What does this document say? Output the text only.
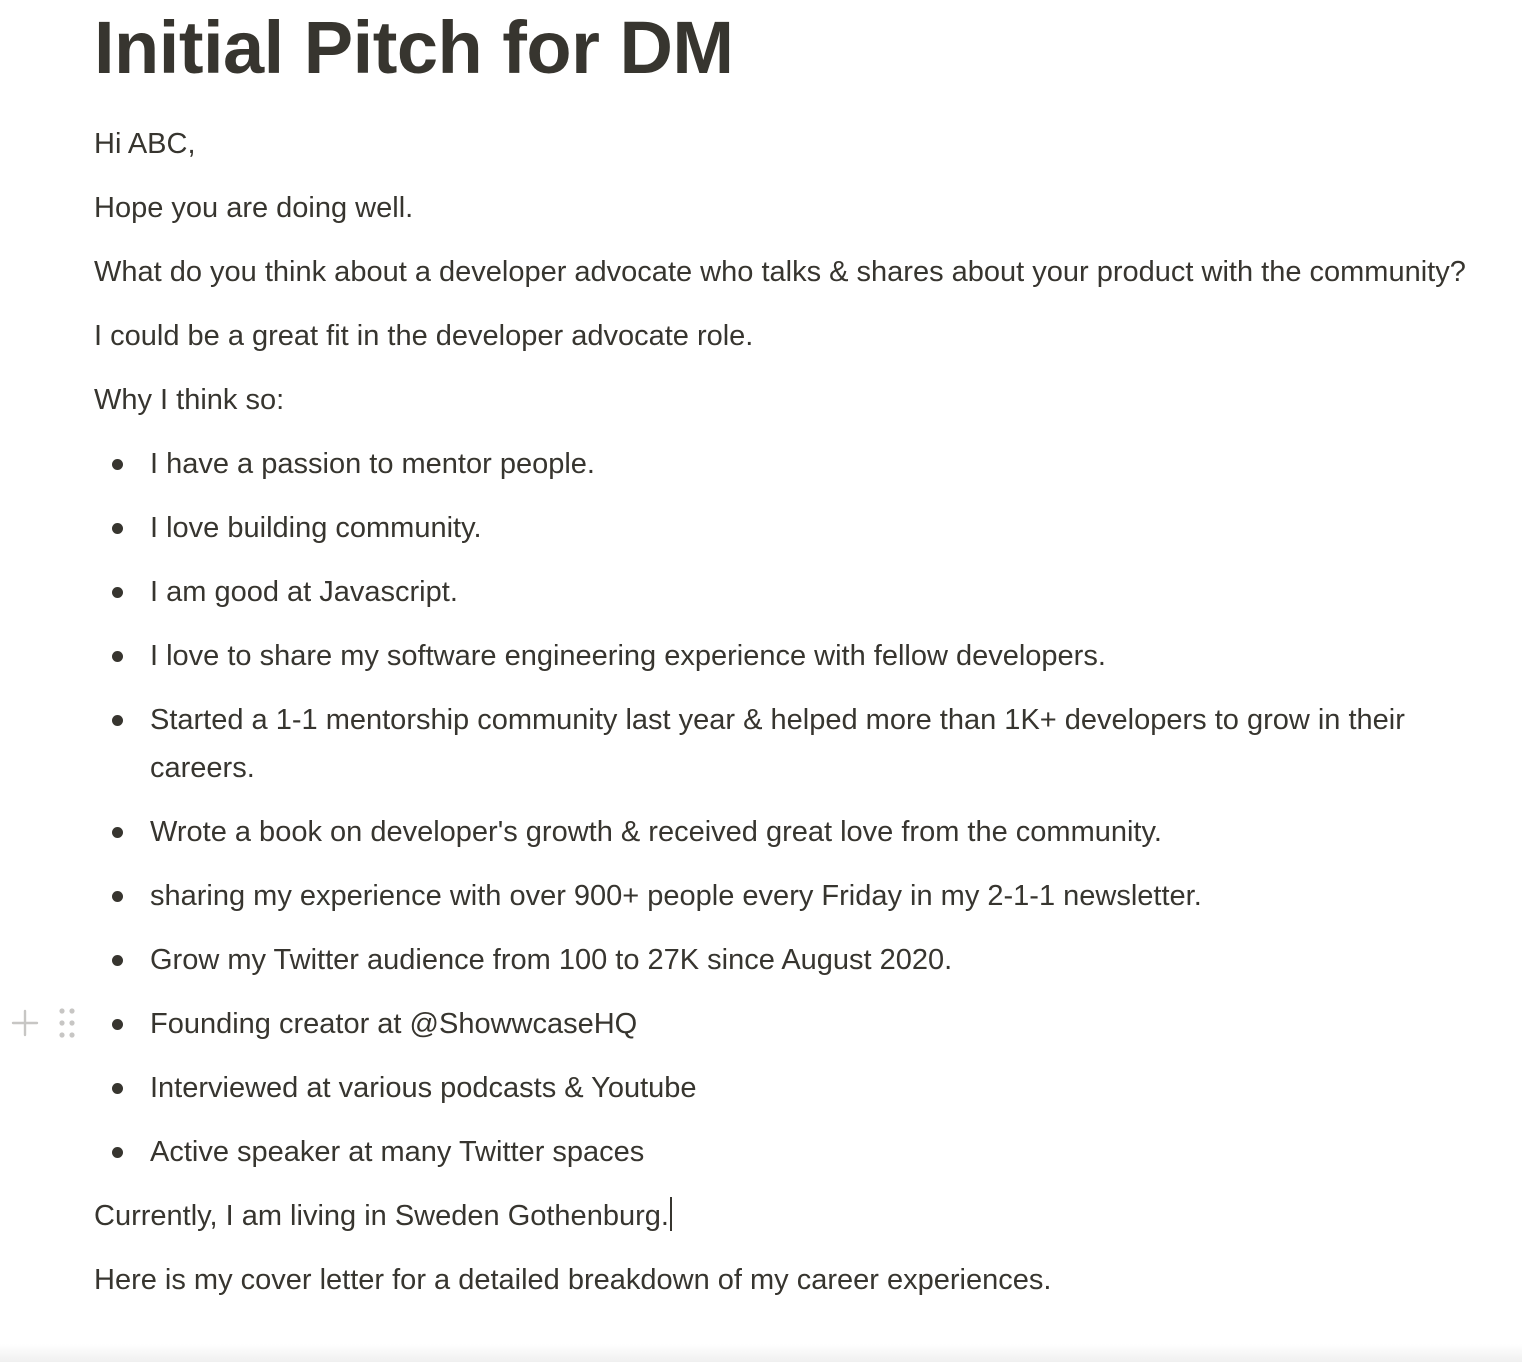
Initial Pitch for DM
Hi ABC,
Hope you are doing well.
What do you think about a developer advocate who talks & shares about your product with the community?
I could be a great fit in the developer advocate role.
Why I think so:
I have a passion to mentor people.
I love building community.
I am good at Javascript.
I love to share my software engineering experience with fellow developers.
Started a 1-1 mentorship community last year & helped more than 1K+ developers to grow in their careers.
Wrote a book on developer's growth & received great love from the community.
sharing my experience with over 900+ people every Friday in my 2-1-1 newsletter.
Grow my Twitter audience from 100 to 27K since August 2020.
Founding creator at @ShowwcaseHQ
Interviewed at various podcasts & Youtube
Active speaker at many Twitter spaces
Currently, I am living in Sweden Gothenburg.
Here is my cover letter for a detailed breakdown of my career experiences.
